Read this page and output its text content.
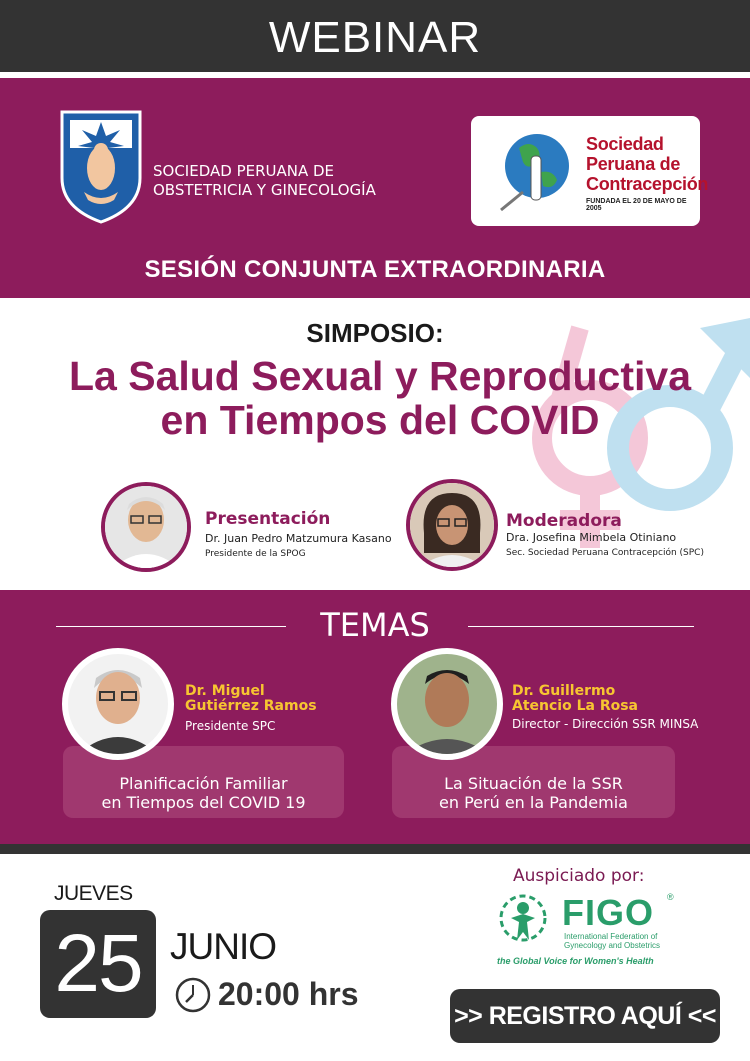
WEBINAR
SOCIEDAD PERUANA DE
OBSTETRICIA Y GINECOLOGÍA
Sociedad
Peruana de
Contracepción
FUNDADA EL 20 DE MAYO DE 2005
SESIÓN CONJUNTA EXTRAORDINARIA
SIMPOSIO:
La Salud Sexual y Reproductiva
en Tiempos del COVID
Presentación
Dr. Juan Pedro Matzumura Kasano
Presidente de la SPOG
Moderadora
Dra. Josefina Mimbela Otiniano
Sec. Sociedad Peruana Contracepción (SPC)
TEMAS
Planificación Familiar
en Tiempos del COVID 19
La Situación de la SSR
en Perú en la Pandemia
Dr. Miguel
Gutiérrez Ramos
Presidente SPC
Dr. Guillermo
Atencio La Rosa
Director - Dirección SSR MINSA
JUEVES
25 JUNIO
20:00 hrs
Auspiciado por:
FIGO ®
International Federation of
Gynecology and Obstetrics
the Global Voice for Women's Health
>> REGISTRO AQUÍ <<
